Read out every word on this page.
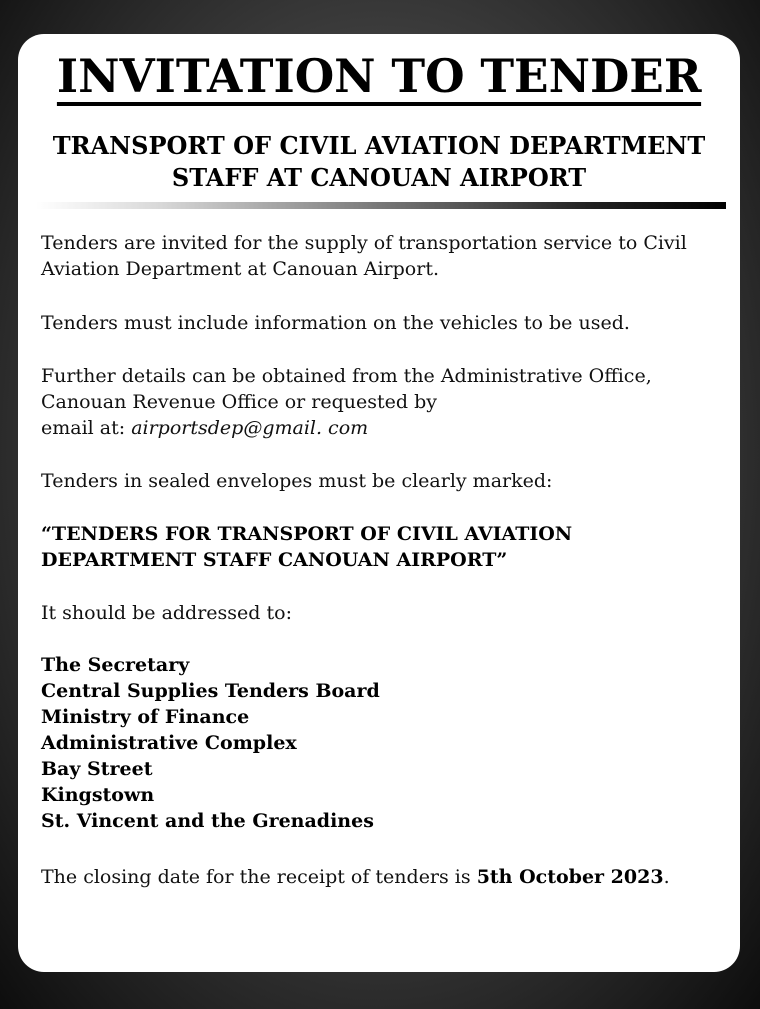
INVITATION TO TENDER
TRANSPORT OF CIVIL AVIATION DEPARTMENT
STAFF AT CANOUAN AIRPORT

Tenders are invited for the supply of transportation service to Civil

Aviation Department at Canouan Airport.

Tenders must include information on the vehicles to be used.

Further details can be obtained from the Administrative Office,

Canouan Revenue Office or requested by

email at: airportsdep@gmail. com

Tenders in sealed envelopes must be clearly marked:

“TENDERS FOR TRANSPORT OF CIVIL AVIATION

DEPARTMENT STAFF CANOUAN AIRPORT”

It should be addressed to:

The Secretary
Central Supplies Tenders Board
Ministry of Finance
Administrative Complex
Bay Street
Kingstown
St. Vincent and the Grenadines

The closing date for the receipt of tenders is 5th October 2023.
